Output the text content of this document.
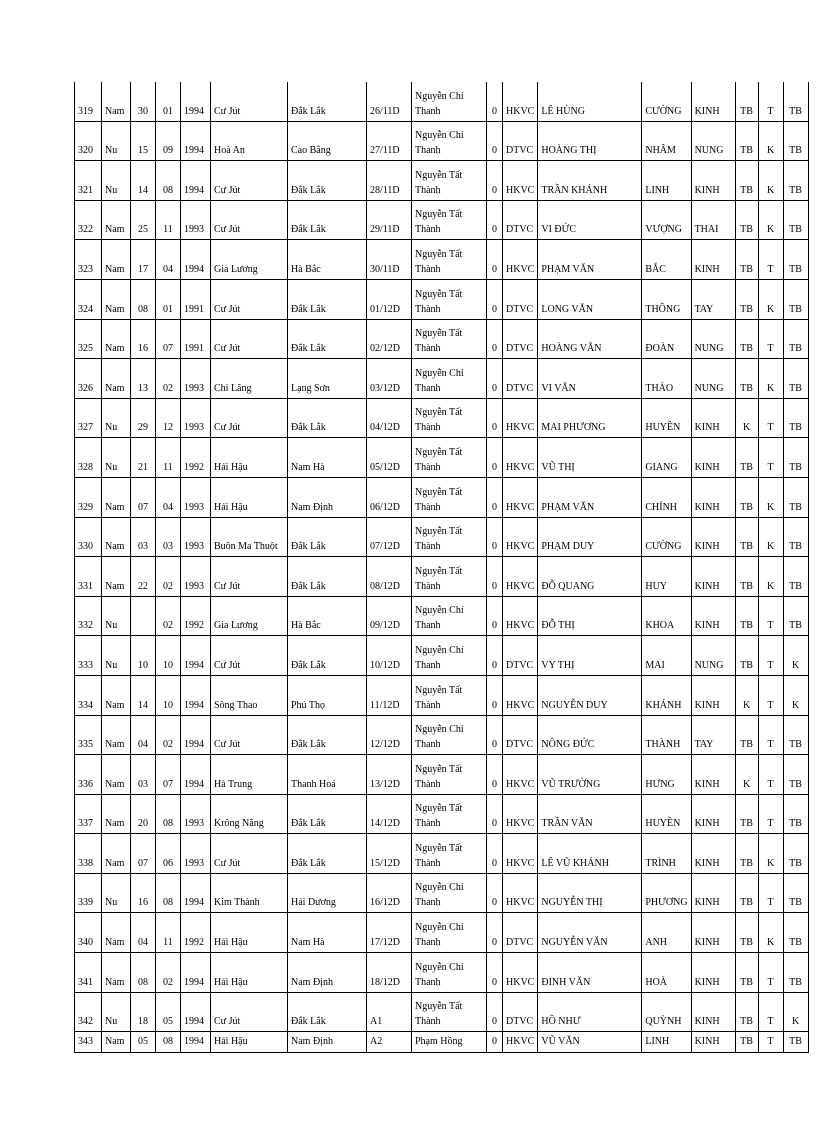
319	Nam	30	01	1994	Cư Jút	Đắk Lắk	26/11D	Nguyễn Chí Thanh	0	HKVC	LÊ HÙNG	CƯỜNG	KINH	TB	T	TB
320	Nu	15	09	1994	Hoà An	Cao Bằng	27/11D	Nguyễn Chí Thanh	0	DTVC	HOÀNG THỊ	NHÂM	NUNG	TB	K	TB
321	Nu	14	08	1994	Cư Jút	Đắk Lắk	28/11D	Nguyễn Tất Thành	0	HKVC	TRẦN KHÁNH	LINH	KINH	TB	K	TB
322	Nam	25	11	1993	Cư Jút	Đắk Lắk	29/11D	Nguyễn Tất Thành	0	DTVC	VI ĐỨC	VƯỢNG	THAI	TB	K	TB
323	Nam	17	04	1994	Gia Lương	Hà Bắc	30/11D	Nguyễn Tất Thành	0	HKVC	PHẠM VĂN	BẮC	KINH	TB	T	TB
324	Nam	08	01	1991	Cư Jút	Đắk Lắk	01/12D	Nguyễn Tất Thành	0	DTVC	LONG VĂN	THÔNG	TAY	TB	K	TB
325	Nam	16	07	1991	Cư Jút	Đắk Lắk	02/12D	Nguyễn Tất Thành	0	DTVC	HOÀNG VĂN	ĐOÀN	NUNG	TB	T	TB
326	Nam	13	02	1993	Chi Lăng	Lạng Sơn	03/12D	Nguyễn Chí Thanh	0	DTVC	VI VĂN	THẢO	NUNG	TB	K	TB
327	Nu	29	12	1993	Cư Jút	Đắk Lắk	04/12D	Nguyễn Tất Thành	0	HKVC	MAI PHƯƠNG	HUYỀN	KINH	K	T	TB
328	Nu	21	11	1992	Hải Hậu	Nam Hà	05/12D	Nguyễn Tất Thành	0	HKVC	VŨ THỊ	GIANG	KINH	TB	T	TB
329	Nam	07	04	1993	Hải Hậu	Nam Định	06/12D	Nguyễn Tất Thành	0	HKVC	PHẠM VĂN	CHÍNH	KINH	TB	K	TB
330	Nam	03	03	1993	Buôn Ma Thuột	Đắk Lắk	07/12D	Nguyễn Tất Thành	0	HKVC	PHẠM DUY	CƯỜNG	KINH	TB	K	TB
331	Nam	22	02	1993	Cư Jút	Đắk Lắk	08/12D	Nguyễn Tất Thành	0	HKVC	ĐỖ QUANG	HUY	KINH	TB	K	TB
332	Nu		02	1992	Gia Lương	Hà Bắc	09/12D	Nguyễn Chí Thanh	0	HKVC	ĐỖ THỊ	KHOA	KINH	TB	T	TB
333	Nu	10	10	1994	Cư Jút	Đắk Lắk	10/12D	Nguyễn Chí Thanh	0	DTVC	VY THỊ	MAI	NUNG	TB	T	K
334	Nam	14	10	1994	Sông Thao	Phú Thọ	11/12D	Nguyễn Tất Thành	0	HKVC	NGUYỄN DUY	KHÁNH	KINH	K	T	K
335	Nam	04	02	1994	Cư Jút	Đắk Lắk	12/12D	Nguyễn Chí Thanh	0	DTVC	NÔNG ĐỨC	THÀNH	TAY	TB	T	TB
336	Nam	03	07	1994	Hà Trung	Thanh Hoá	13/12D	Nguyễn Tất Thành	0	HKVC	VŨ TRƯỜNG	HƯNG	KINH	K	T	TB
337	Nam	20	08	1993	Krông Năng	Đắk Lắk	14/12D	Nguyễn Tất Thành	0	HKVC	TRẦN VĂN	HUYỀN	KINH	TB	T	TB
338	Nam	07	06	1993	Cư Jút	Đắk Lắk	15/12D	Nguyễn Tất Thành	0	HKVC	LÊ VŨ KHÁNH	TRÌNH	KINH	TB	K	TB
339	Nu	16	08	1994	Kim Thành	Hải Dương	16/12D	Nguyễn Chí Thanh	0	HKVC	NGUYỄN THỊ	PHƯƠNG	KINH	TB	T	TB
340	Nam	04	11	1992	Hải Hậu	Nam Hà	17/12D	Nguyễn Chí Thanh	0	DTVC	NGUYỄN VĂN	ANH	KINH	TB	K	TB
341	Nam	08	02	1994	Hải Hậu	Nam Định	18/12D	Nguyễn Chí Thanh	0	HKVC	ĐINH VĂN	HOÀ	KINH	TB	T	TB
342	Nu	18	05	1994	Cư Jút	Đắk Lắk	A1	Nguyễn Tất Thành	0	DTVC	HỒ NHƯ	QUỲNH	KINH	TB	T	K
343	Nam	05	08	1994	Hải Hậu	Nam Định	A2	Phạm Hồng	0	HKVC	VŨ VĂN	LINH	KINH	TB	T	TB
